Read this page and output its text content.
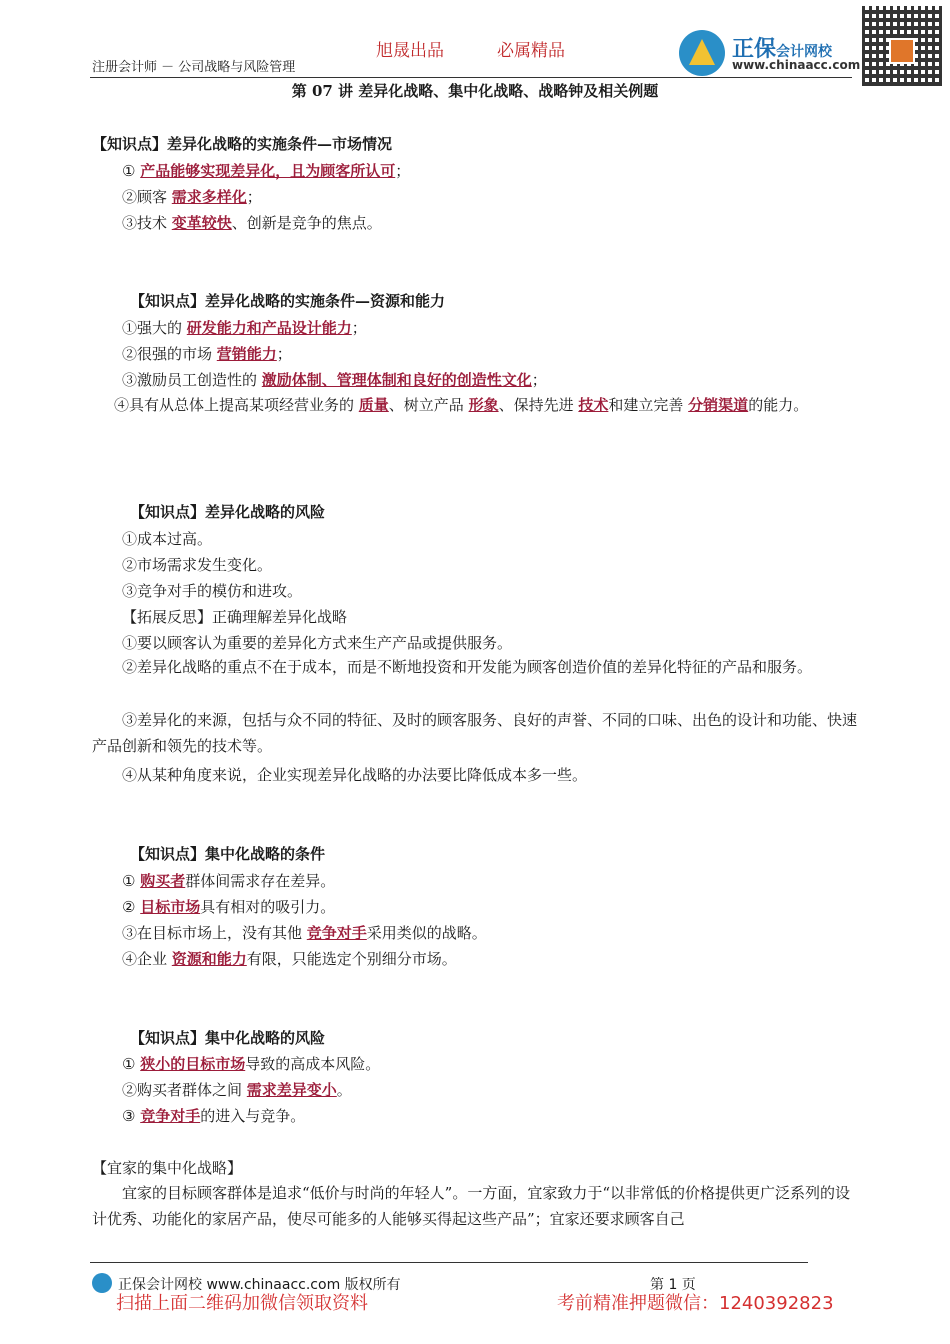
注册会计师 － 公司战略与风险管理
旭晟出品	必属精品	正保会计网校
www.chinaacc.com
第 07 讲 差异化战略、集中化战略、战略钟及相关例题
【知识点】差异化战略的实施条件—市场情况
① 产品能够实现差异化，且为顾客所认可；
②顾客 需求多样化；
③技术 变革较快、创新是竞争的焦点。
【知识点】差异化战略的实施条件—资源和能力
①强大的 研发能力和产品设计能力；
②很强的市场 营销能力；
③激励员工创造性的 激励体制、管理体制和良好的创造性文化；
④具有从总体上提高某项经营业务的 质量、树立产品 形象、保持先进 技术和建立完善 分销渠道的能力。
【知识点】差异化战略的风险
①成本过高。
②市场需求发生变化。
③竞争对手的模仿和进攻。
【拓展反思】正确理解差异化战略
①要以顾客认为重要的差异化方式来生产产品或提供服务。
②差异化战略的重点不在于成本，而是不断地投资和开发能为顾客创造价值的差异化特征的产品和服务。
③差异化的来源，包括与众不同的特征、及时的顾客服务、良好的声誉、不同的口味、出色的设计和功能、快速产品创新和领先的技术等。
④从某种角度来说，企业实现差异化战略的办法要比降低成本多一些。
【知识点】集中化战略的条件
① 购买者群体间需求存在差异。
② 目标市场具有相对的吸引力。
③在目标市场上，没有其他 竞争对手采用类似的战略。
④企业 资源和能力有限，只能选定个别细分市场。
【知识点】集中化战略的风险
① 狭小的目标市场导致的高成本风险。
②购买者群体之间 需求差异变小。
③ 竞争对手的进入与竞争。
【宜家的集中化战略】
宜家的目标顾客群体是追求“低价与时尚的年轻人”。一方面，宜家致力于“以非常低的价格提供更广泛系列的设计优秀、功能化的家居产品，使尽可能多的人能够买得起这些产品”；宜家还要求顾客自己
正保会计网校 www.chinaacc.com 版权所有	第 1 页
扫描上面二维码加微信领取资料	考前精准押题微信：1240392823
